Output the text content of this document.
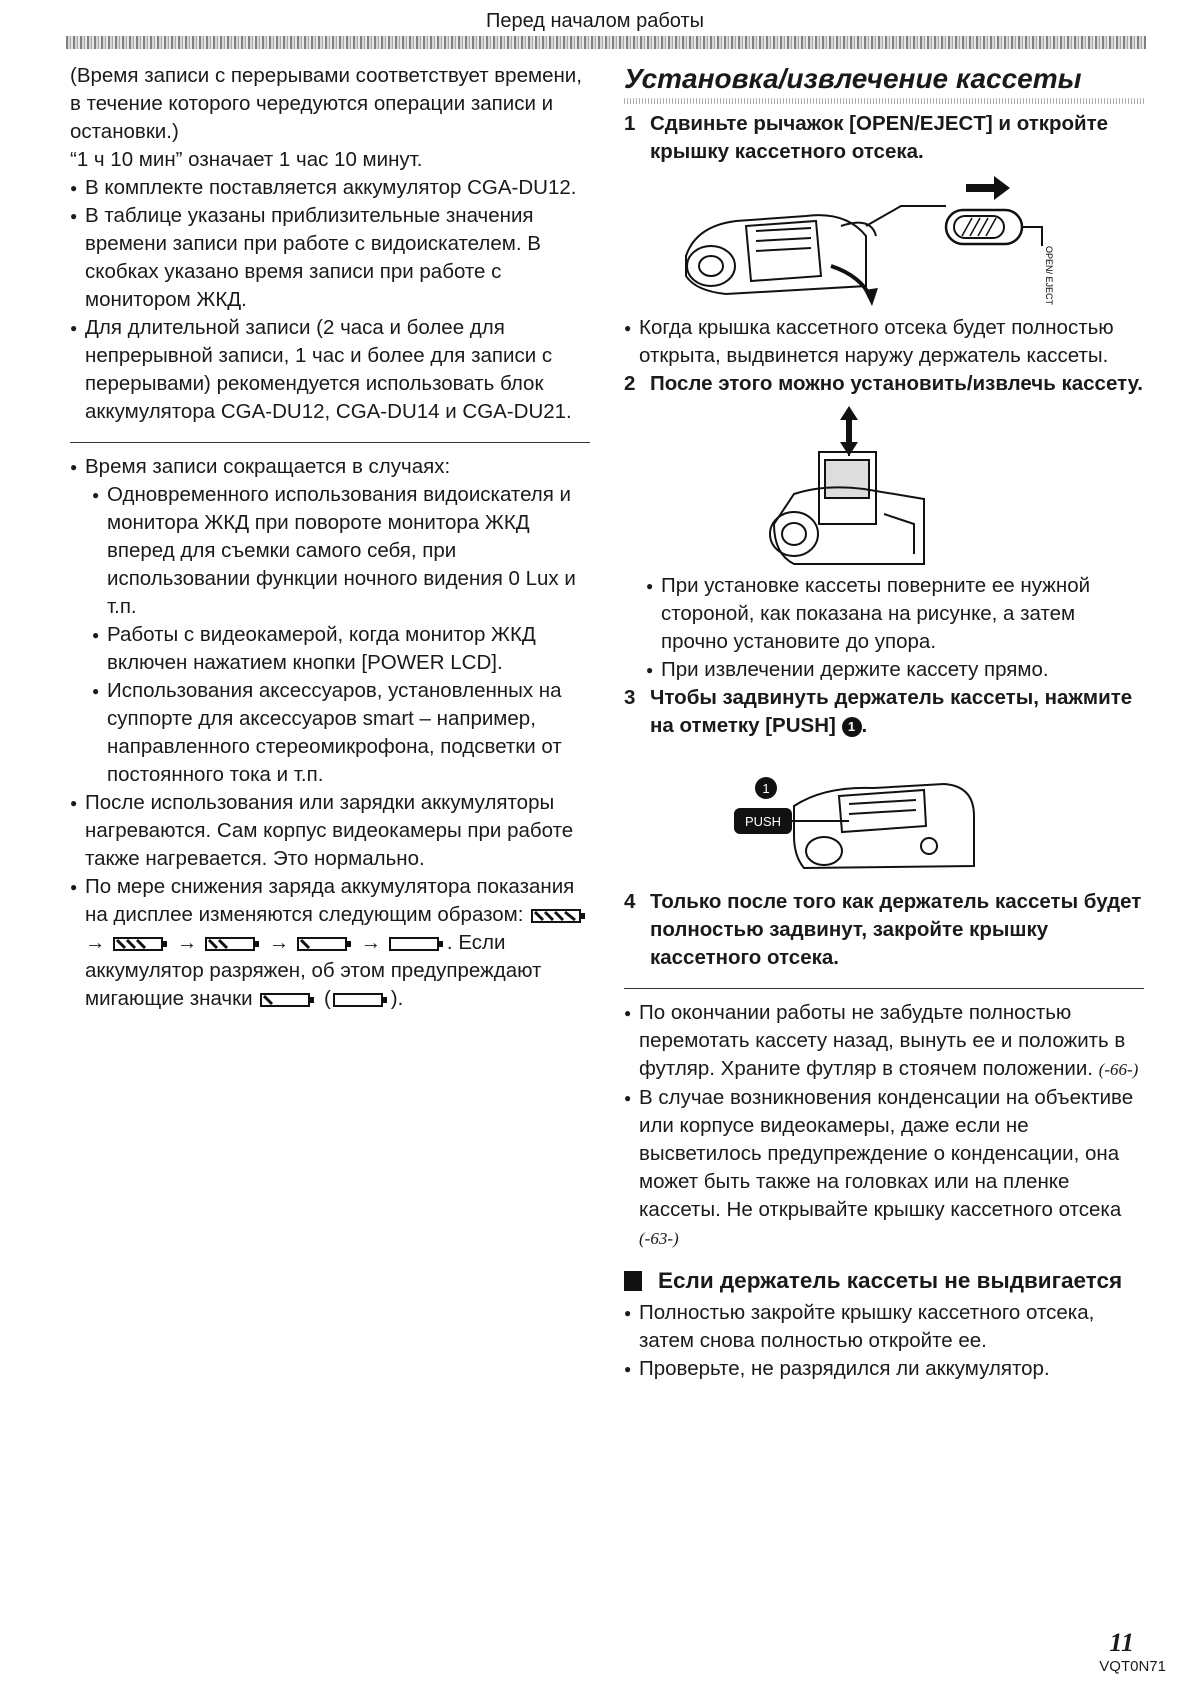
Перед началом работы

(Время записи с перерывами соответствует времени, в течение которого чередуются операции записи и остановки.)

“1 ч 10 мин” означает 1 час 10 минут.

● В комплекте поставляется аккумулятор CGA-DU12.

● В таблице указаны приблизительные значения времени записи при работе с видоискателем. В скобках указано время записи при работе с монитором ЖКД.

● Для длительной записи (2 часа и более для непрерывной записи, 1 час и более для записи с перерывами) рекомендуется использовать блок аккумулятора CGA-DU12, CGA-DU14 и CGA-DU21.

● Время записи сокращается в случаях:

● Одновременного использования видоискателя и монитора ЖКД при повороте монитора ЖКД вперед для съемки самого себя, при использовании функции ночного видения 0 Lux и т.п.

● Работы с видеокамерой, когда монитор ЖКД включен нажатием кнопки [POWER LCD].

● Использования аксессуаров, установленных на суппорте для аксессуаров smart – например, направленного стереомикрофона, подсветки от постоянного тока и т.п.

● После использования или зарядки аккумуляторы нагреваются. Сам корпус видеокамеры при работе также нагревается. Это нормально.

● По мере снижения заряда аккумулятора показания на дисплее изменяются следующим образом:  →	→	→	→	. Если аккумулятор разряжен, об этом предупреждают мигающие значки	(	).

Установка/извлечение кассеты

1 Сдвиньте рычажок [OPEN/EJECT] и откройте крышку кассетного отсека.

OPEN/ EJECT

● Когда крышка кассетного отсека будет полностью открыта, выдвинется наружу держатель кассеты.

2 После этого можно установить/извлечь кассету.

● При установке кассеты поверните ее нужной стороной, как показана на рисунке, а затем прочно установите до упора.

● При извлечении держите кассету прямо.

3 Чтобы задвинуть держатель кассеты, нажмите на отметку [PUSH] 1 .

1
PUSH

4 Только после того как держатель кассеты будет полностью задвинут, закройте крышку кассетного отсека.

● По окончании работы не забудьте полностью перемотать кассету назад, вынуть ее и положить в футляр. Храните футляр в стоячем положении. (-66-)

● В случае возникновения конденсации на объективе или корпусе видеокамеры, даже если не высветилось предупреждение о конденсации, она может быть также на головках или на пленке кассеты. Не открывайте крышку кассетного отсека (-63-)

Если держатель кассеты не выдвигается

● Полностью закройте крышку кассетного отсека, затем снова полностью откройте ее.

● Проверьте, не разрядился ли аккумулятор.

11
VQT0N71
